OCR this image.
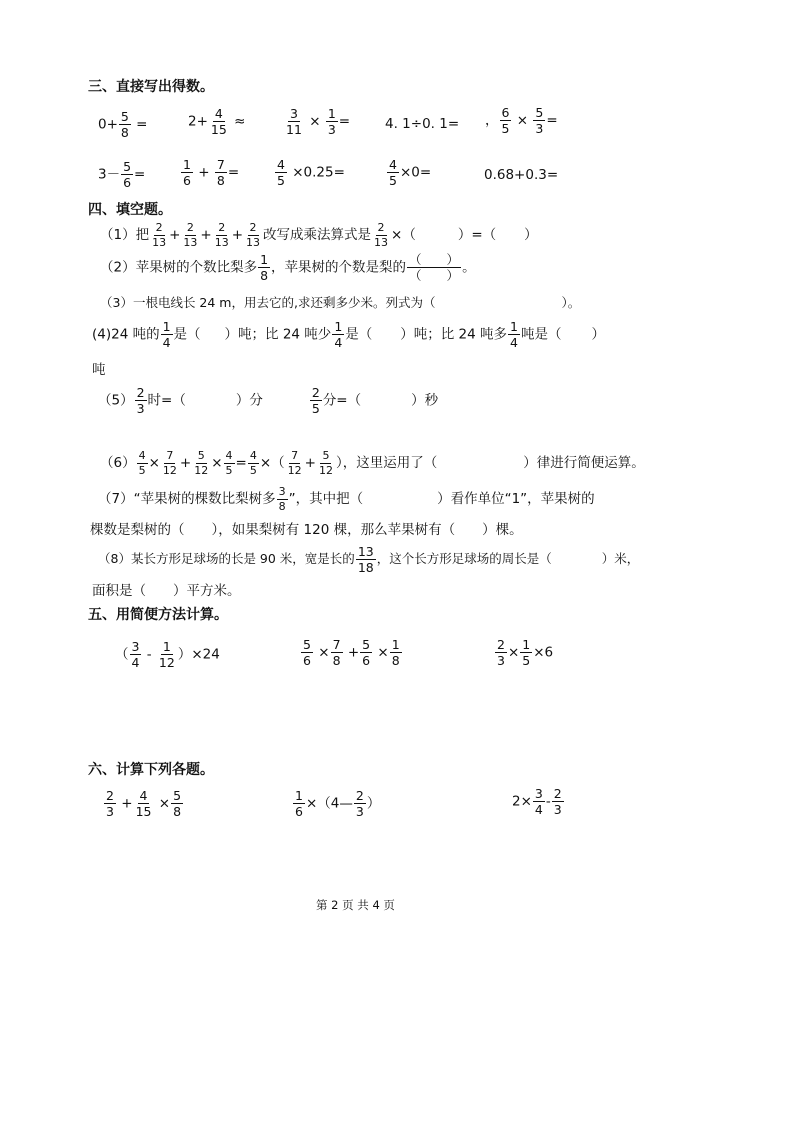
三、直接写出得数。
$0+ \frac{5}{8}$ =	$2+ \frac{4}{15}$ ≈	$\frac{3}{11} \times \frac{1}{3}$ =	4. 1÷0. 1= ， $\frac{6}{5} \times \frac{5}{3}$ =
$3- \frac{5}{6}$ =	$\frac{1}{6} + \frac{7}{8}$ =	$\frac{4}{5} \times 0.25=$	$\frac{4}{5} \times 0=$	0.68+0.3=
四、填空题。
（1）把 $\frac{2}{13} + \frac{2}{13} + \frac{2}{13} + \frac{2}{13}$ 改写成乘法算式是 $\frac{2}{13}$ ×（	）=（ ）
（2）苹果树的个数比梨多 $\frac{1}{8}$ ，苹果树的个数是梨的 $\frac{( )}{( )}$ 。
（3）一根电线长 24 m，用去它的,求还剩多少米。列式为（	）。
(4)24 吨的 $\frac{1}{4}$ 是（ ）吨；比 24 吨少 $\frac{1}{4}$ 是（ ）吨；比 24 吨多 $\frac{1}{4}$ 吨是（ ）
吨
$(5) \frac{2}{3}$ 时=（	）分	$\frac{2}{5}$ 分=（	）秒
$(6) \frac{4}{5} \times \frac{7}{12} + \frac{5}{12} \times \frac{4}{5} = \frac{4}{5}$ ×（ $\frac{7}{12} + \frac{5}{12}$ ），这里运用了（	）律进行简便运算。
（7）“苹果树的棵数比梨树多 $\frac{3}{8}$ ”，其中把（	）看作单位“1”，苹果树的
棵数是梨树的（　　），如果梨树有 120 棵，那么苹果树有（　　）棵。
（8）某长方形足球场的长是 90 米，宽是长的 $\frac{13}{18}$ ，这个长方形足球场的周长是（	）米，
面积是（　　）平方米。
五、用简便方法计算。
（ $\frac{3}{4} - \frac{1}{12} )\times 24$	$\frac{5}{6} \times \frac{7}{8} + \frac{5}{6} \times \frac{1}{8}$	$\frac{2}{3} \times \frac{1}{5} \times 6$
六、计算下列各题。
$\frac{2}{3} + \frac{4}{15} \times \frac{5}{8}$	$\frac{1}{6}$ ×（4— $\frac{2}{3}$ ）	$2\times \frac{3}{4} - \frac{2}{3}$
第 2 页 共 4 页
